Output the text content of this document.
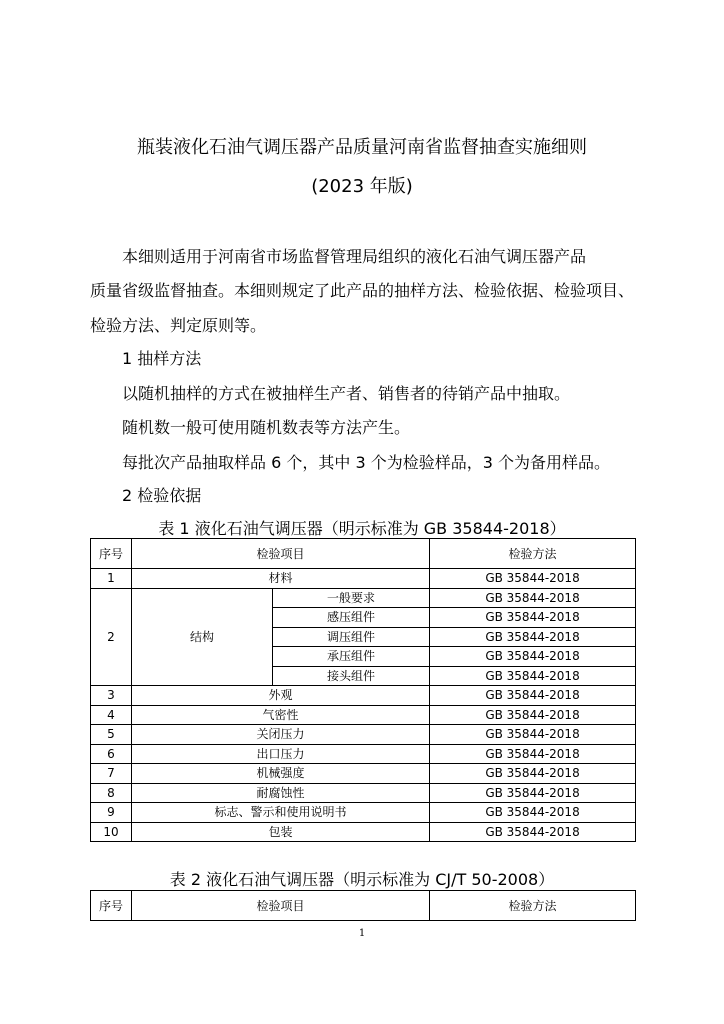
瓶装液化石油气调压器产品质量河南省监督抽查实施细则
(2023 年版)
本细则适用于河南省市场监督管理局组织的液化石油气调压器产品
质量省级监督抽查。本细则规定了此产品的抽样方法、检验依据、检验项目、
检验方法、判定原则等。
1 抽样方法
以随机抽样的方式在被抽样生产者、销售者的待销产品中抽取。
随机数一般可使用随机数表等方法产生。
每批次产品抽取样品 6 个，其中 3 个为检验样品，3 个为备用样品。
2 检验依据
表 1 液化石油气调压器（明示标准为 GB 35844-2018）
序号	检验项目		检验方法
1	材料		GB 35844-2018
2	结构	一般要求	GB 35844-2018
		感压组件	GB 35844-2018
		调压组件	GB 35844-2018
		承压组件	GB 35844-2018
		接头组件	GB 35844-2018
3	外观		GB 35844-2018
4	气密性		GB 35844-2018
5	关闭压力		GB 35844-2018
6	出口压力		GB 35844-2018
7	机械强度		GB 35844-2018
8	耐腐蚀性		GB 35844-2018
9	标志、警示和使用说明书		GB 35844-2018
10	包装		GB 35844-2018
表 2 液化石油气调压器（明示标准为 CJ/T 50-2008）
序号	检验项目	检验方法
1
